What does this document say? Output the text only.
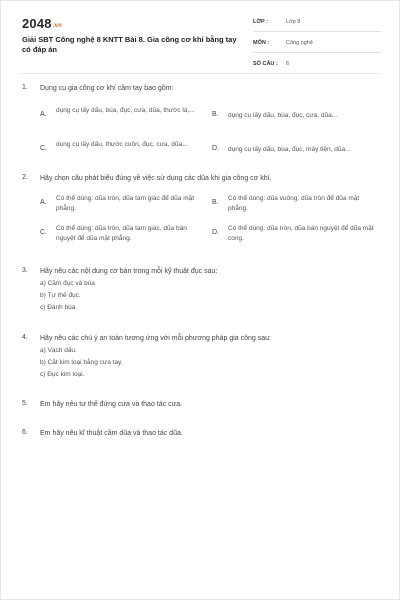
2048.vn
Giải SBT Công nghệ 8 KNTT Bài 8. Gia công cơ khí bằng tay có đáp án
LỚP :	Lớp 8
MÔN :	Công nghệ
SỐ CÂU : 6
1. Dụng cụ gia công cơ khí cầm tay bao gồm:
A.
dụng cụ lấy dấu, búa, đục, cưa, dũa, thước lá,...
B. dụng cụ lấy dấu, búa, đục, cưa, dũa...
C.
dụng cụ lấy dấu, thước cuộn, đục, cưa, dũa...
D. dụng cụ lấy dấu, búa, đục, máy tiện, dũa...
2. Hãy chọn câu phát biểu đúng về việc sử dụng các dũa khi gia công cơ khí.
A.
Có thể dùng: dũa tròn, dũa tam giác để dũa mặt phẳng.
B.
Có thể dùng: dũa vuông, dũa tròn để dũa mặt phẳng.
C.
Có thể dùng: dũa tròn, dũa tam giác, dũa bán nguyệt để dũa mặt phẳng.
D.
Có thể dùng: dũa tròn, dũa bán nguyệt để dũa mặt cong.
3. Hãy nêu các nội dung cơ bản trong mỗi kỹ thuật đục sau:
a) Cầm đục và búa
b) Tư thế đục.
c) Đánh búa
4. Hãy nêu các chú ý an toàn tương ứng với mỗi phương pháp gia công sau:
a) Vạch dấu.
b) Cắt kim loại bằng cưa tay.
c) Đục kim loại.
5. Em hãy nêu tư thế đứng cưa và thao tác cưa.
6. Em hãy nêu kĩ thuật cầm dũa và thao tác dũa.
